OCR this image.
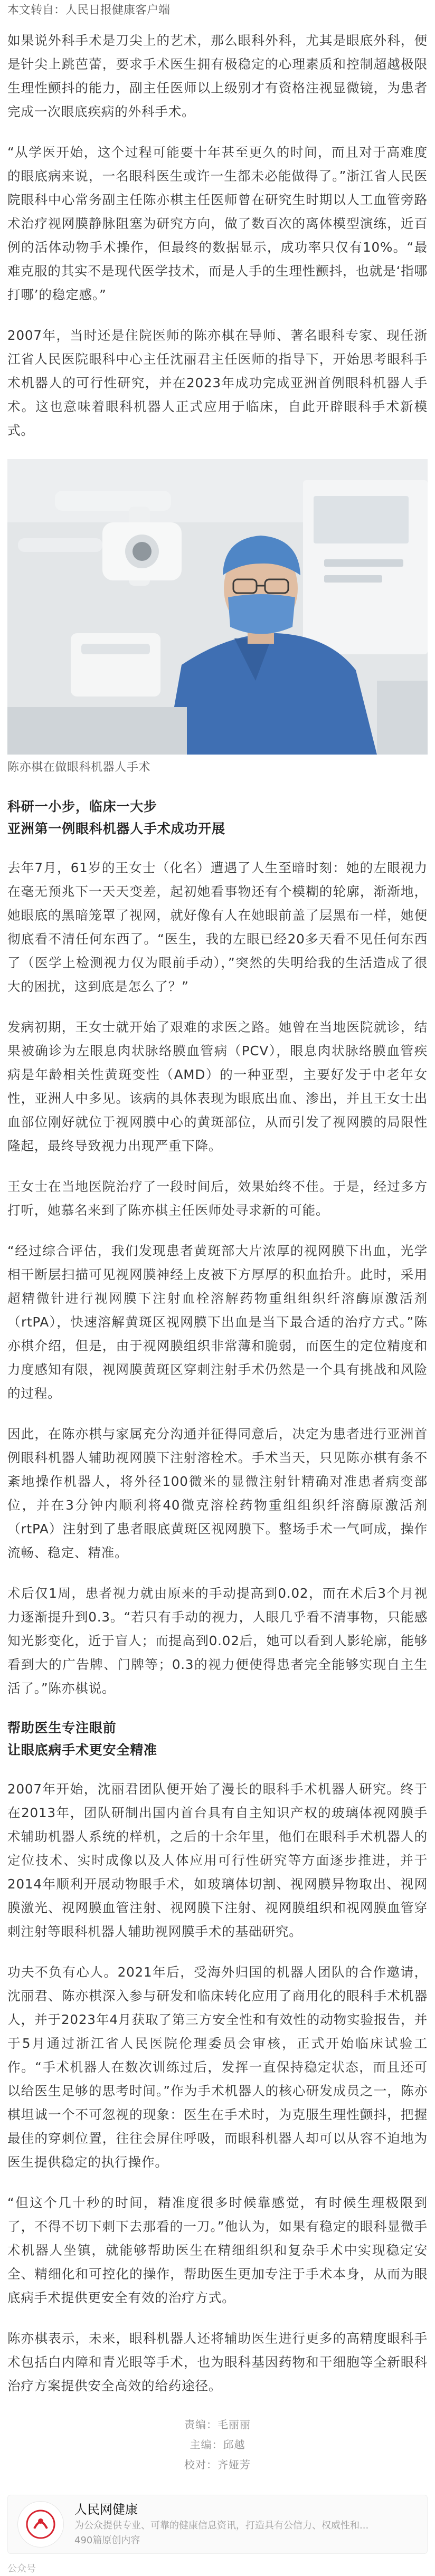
本文转自：人民日报健康客户端

如果说外科手术是刀尖上的艺术，那么眼科外科，尤其是眼底外科，便是针尖上跳芭蕾，要求手术医生拥有极稳定的心理素质和控制超越极限生理性颤抖的能力，副主任医师以上级别才有资格注视显微镜，为患者完成一次眼底疾病的外科手术。

“从学医开始，这个过程可能要十年甚至更久的时间，而且对于高难度的眼底病来说，一名眼科医生或许一生都未必能做得了。”浙江省人民医院眼科中心常务副主任陈亦棋主任医师曾在研究生时期以人工血管旁路术治疗视网膜静脉阻塞为研究方向，做了数百次的离体模型演练，近百例的活体动物手术操作，但最终的数据显示，成功率只仅有10%。“最难克服的其实不是现代医学技术，而是人手的生理性颤抖，也就是‘指哪打哪’的稳定感。”

2007年，当时还是住院医师的陈亦棋在导师、著名眼科专家、现任浙江省人民医院眼科中心主任沈丽君主任医师的指导下，开始思考眼科手术机器人的可行性研究，并在2023年成功完成亚洲首例眼科机器人手术。这也意味着眼科机器人正式应用于临床，自此开辟眼科手术新模式。

陈亦棋在做眼科机器人手术
科研一小步，临床一大步
亚洲第一例眼科机器人手术成功开展

去年7月，61岁的王女士（化名）遭遇了人生至暗时刻：她的左眼视力在毫无预兆下一天天变差，起初她看事物还有个模糊的轮廓，渐渐地，她眼底的黑暗笼罩了视网，就好像有人在她眼前盖了层黑布一样，她便彻底看不清任何东西了。“医生，我的左眼已经20多天看不见任何东西了（医学上检测视力仅为眼前手动），”突然的失明给我的生活造成了很大的困扰，这到底是怎么了？”

发病初期，王女士就开始了艰难的求医之路。她曾在当地医院就诊，结果被确诊为左眼息肉状脉络膜血管病（PCV），眼息肉状脉络膜血管疾病是年龄相关性黄斑变性（AMD）的一种亚型，主要好发于中老年女性，亚洲人中多见。该病的具体表现为眼底出血、渗出，并且王女士出血部位刚好就位于视网膜中心的黄斑部位，从而引发了视网膜的局限性隆起，最终导致视力出现严重下降。

王女士在当地医院治疗了一段时间后，效果始终不佳。于是，经过多方打听，她慕名来到了陈亦棋主任医师处寻求新的可能。

“经过综合评估，我们发现患者黄斑部大片浓厚的视网膜下出血，光学相干断层扫描可见视网膜神经上皮被下方厚厚的积血抬升。此时，采用超精微针进行视网膜下注射血栓溶解药物重组组织纤溶酶原激活剂（rtPA），快速溶解黄斑区视网膜下出血是当下最合适的治疗方式。”陈亦棋介绍，但是，由于视网膜组织非常薄和脆弱，而医生的定位精度和力度感知有限，视网膜黄斑区穿刺注射手术仍然是一个具有挑战和风险的过程。

因此，在陈亦棋与家属充分沟通并征得同意后，决定为患者进行亚洲首例眼科机器人辅助视网膜下注射溶栓术。手术当天，只见陈亦棋有条不紊地操作机器人，将外径100微米的显微注射针精确对准患者病变部位，并在3分钟内顺利将40微克溶栓药物重组组织纤溶酶原激活剂（rtPA）注射到了患者眼底黄斑区视网膜下。整场手术一气呵成，操作流畅、稳定、精准。

术后仅1周，患者视力就由原来的手动提高到0.02，而在术后3个月视力逐渐提升到0.3。“若只有手动的视力，人眼几乎看不清事物，只能感知光影变化，近于盲人；而提高到0.02后，她可以看到人影轮廓，能够看到大的广告牌、门牌等；0.3的视力便使得患者完全能够实现自主生活了。”陈亦棋说。

帮助医生专注眼前
让眼底病手术更安全精准

2007年开始，沈丽君团队便开始了漫长的眼科手术机器人研究。终于在2013年，团队研制出国内首台具有自主知识产权的玻璃体视网膜手术辅助机器人系统的样机，之后的十余年里，他们在眼科手术机器人的定位技术、实时成像以及人体应用可行性研究等方面逐步推进，并于2014年顺利开展动物眼手术，如玻璃体切割、视网膜异物取出、视网膜激光、视网膜血管注射、视网膜下注射、视网膜组织和视网膜血管穿刺注射等眼科机器人辅助视网膜手术的基础研究。

功夫不负有心人。2021年后，受海外归国的机器人团队的合作邀请，沈丽君、陈亦棋深入参与研发和临床转化应用了商用化的眼科手术机器人，并于2023年4月获取了第三方安全性和有效性的动物实验报告，并于5月通过浙江省人民医院伦理委员会审核，正式开始临床试验工作。“手术机器人在数次训练过后，发挥一直保持稳定状态，而且还可以给医生足够的思考时间。”作为手术机器人的核心研发成员之一，陈亦棋坦诚一个不可忽视的现象：医生在手术时，为克服生理性颤抖，把握最佳的穿刺位置，往往会屏住呼吸，而眼科机器人却可以从容不迫地为医生提供稳定的执行操作。

“但这个几十秒的时间，精准度很多时候靠感觉，有时候生理极限到了，不得不切下刺下去那看的一刀。”他认为，如果有稳定的眼科显微手术机器人坐镇，就能够帮助医生在精细组织和复杂手术中实现稳定安全、精细化和可控化的操作，帮助医生更加专注于手术本身，从而为眼底病手术提供更安全有效的治疗方式。

陈亦棋表示，未来，眼科机器人还将辅助医生进行更多的高精度眼科手术包括白内障和青光眼等手术，也为眼科基因药物和干细胞等全新眼科治疗方案提供安全高效的给药途径。

责编：毛丽丽
主编：邱越
校对：齐娅芳
人民网健康
为公众提供专业、可靠的健康信息资讯，打造具有公信力、权威性和...
490篇原创内容
公众号
